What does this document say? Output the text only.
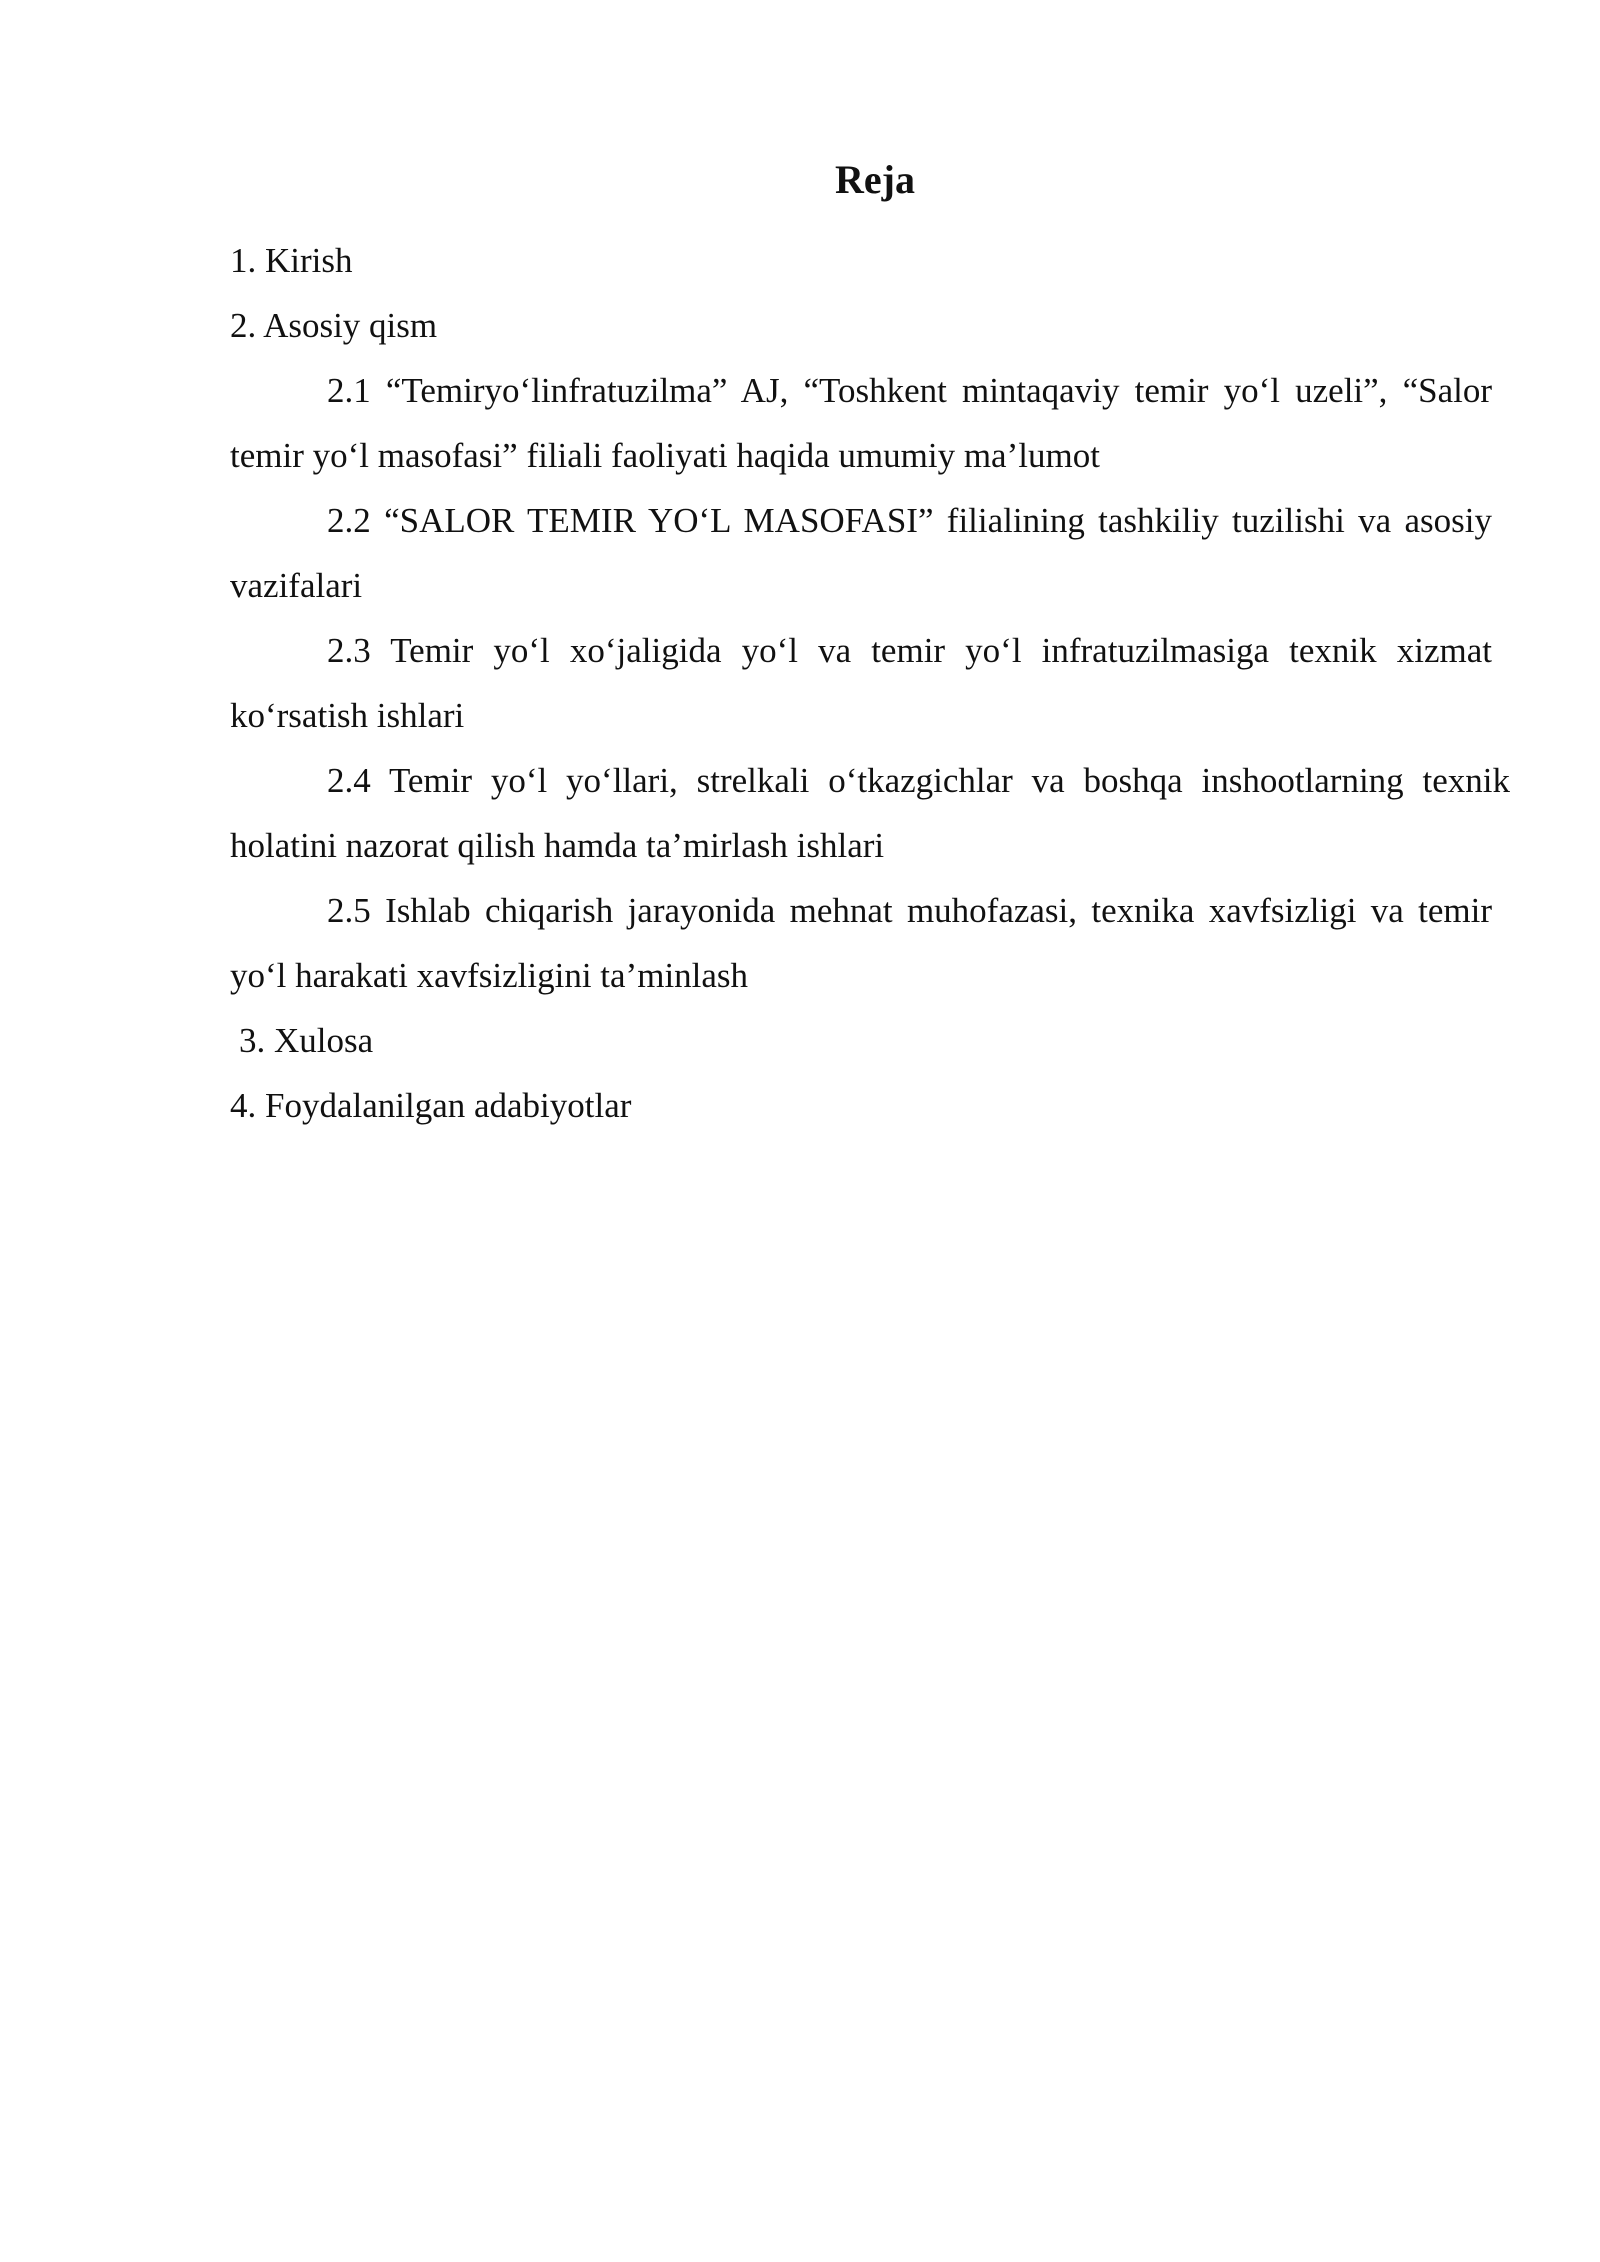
Reja

1. Kirish

2. Asosiy qism

2.1 “Temiryo‘linfratuzilma” AJ, “Toshkent mintaqaviy temir yo‘l uzeli”, “Salor temir yo‘l masofasi” filiali faoliyati haqida umumiy ma’lumot

2.2 “SALOR TEMIR YO‘L MASOFASI” filialining tashkiliy tuzilishi va asosiy vazifalari

2.3 Temir yo‘l xo‘jaligida yo‘l va temir yo‘l infratuzilmasiga texnik xizmat ko‘rsatish ishlari

2.4 Temir yo‘l yo‘llari, strelkali o‘tkazgichlar va boshqa inshootlarning texnik holatini nazorat qilish hamda ta’mirlash ishlari

2.5 Ishlab chiqarish jarayonida mehnat muhofazasi, texnika xavfsizligi va temir yo‘l harakati xavfsizligini ta’minlash

3. Xulosa

4. Foydalanilgan adabiyotlar
